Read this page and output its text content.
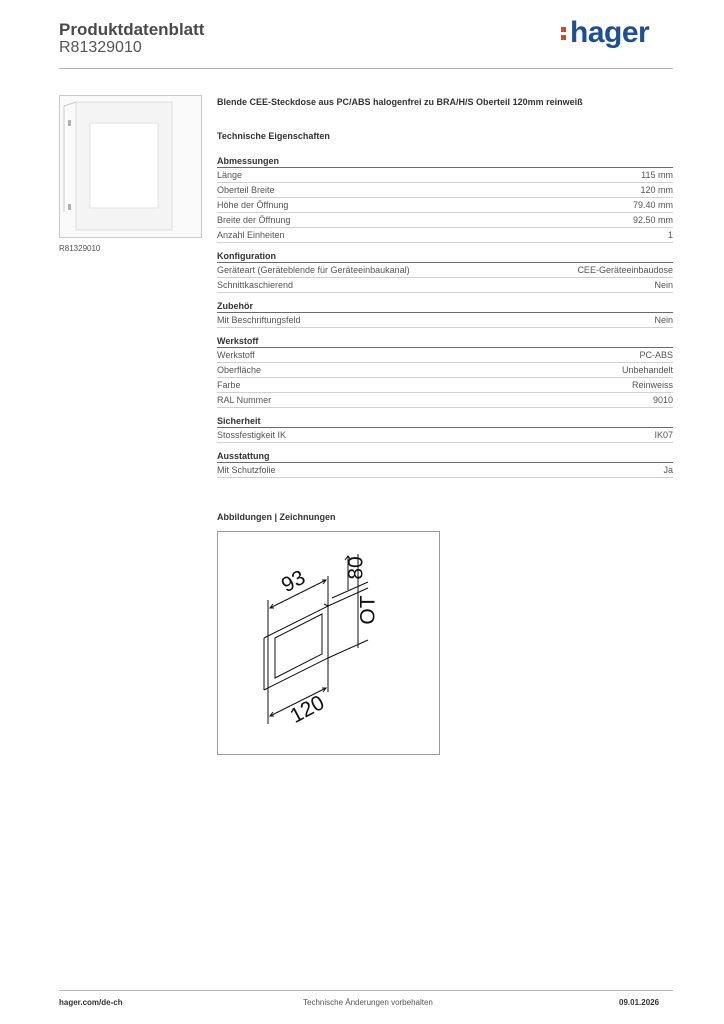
Produktdatenblatt
R81329010	hager
R81329010
Blende CEE-Steckdose aus PC/ABS halogenfrei zu BRA/H/S Oberteil 120mm reinweiß
Technische Eigenschaften
Abmessungen
Länge	115 mm
Oberteil Breite	120 mm
Höhe der Öffnung	79.40 mm
Breite der Öffnung	92.50 mm
Anzahl Einheiten	1
Konfiguration
Geräteart (Geräteblende für Geräteeinbaukanal)	CEE-Geräteeinbaudose
Schnittkaschierend	Nein
Zubehör
Mit Beschriftungsfeld	Nein
Werkstoff
Werkstoff	PC-ABS
Oberfläche	Unbehandelt
Farbe	Reinweiss
RAL Nummer	9010
Sicherheit
Stossfestigkeit IK	IK07
Ausstattung
Mit Schutzfolie	Ja
Abbildungen | Zeichnungen
93 80
OT
120
hager.com/de-ch	Technische Änderungen vorbehalten	09.01.2026
